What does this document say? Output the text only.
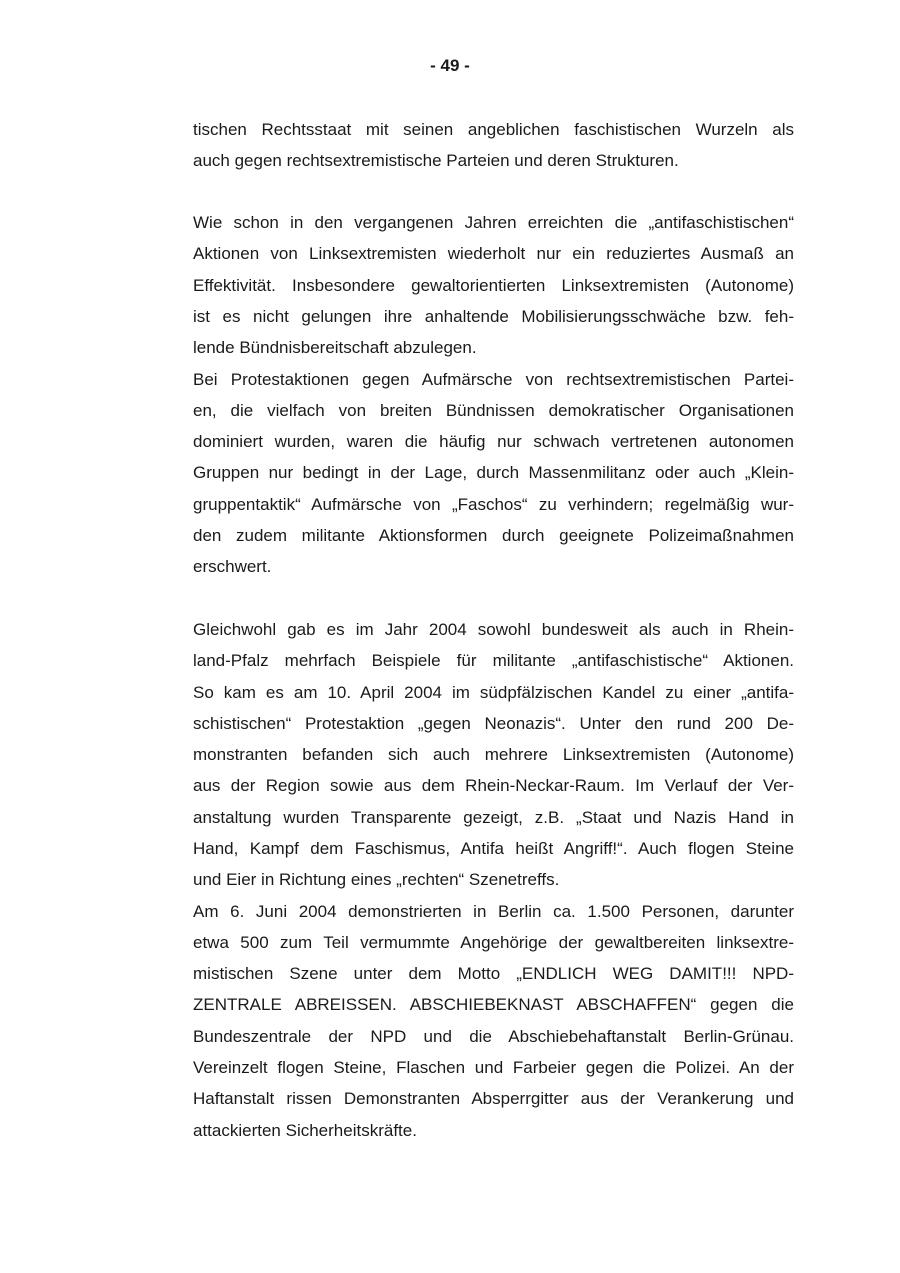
- 49 -
tischen Rechtsstaat mit seinen angeblichen faschistischen Wurzeln als
auch gegen rechtsextremistische Parteien und deren Strukturen.
Wie schon in den vergangenen Jahren erreichten die „antifaschistischen“
Aktionen von Linksextremisten wiederholt nur ein reduziertes Ausmaß an
Effektivität. Insbesondere gewaltorientierten Linksextremisten (Autonome)
ist es nicht gelungen ihre anhaltende Mobilisierungsschwäche bzw. feh-
lende Bündnisbereitschaft abzulegen.
Bei Protestaktionen gegen Aufmärsche von rechtsextremistischen Partei-
en, die vielfach von breiten Bündnissen demokratischer Organisationen
dominiert wurden, waren die häufig nur schwach vertretenen autonomen
Gruppen nur bedingt in der Lage, durch Massenmilitanz oder auch „Klein-
gruppentaktik“ Aufmärsche von „Faschos“ zu verhindern; regelmäßig wur-
den zudem militante Aktionsformen durch geeignete Polizeimaßnahmen
erschwert.
Gleichwohl gab es im Jahr 2004 sowohl bundesweit als auch in Rhein-
land-Pfalz mehrfach Beispiele für militante „antifaschistische“ Aktionen.
So kam es am 10. April 2004 im südpfälzischen Kandel zu einer „antifa-
schistischen“ Protestaktion „gegen Neonazis“. Unter den rund 200 De-
monstranten befanden sich auch mehrere Linksextremisten (Autonome)
aus der Region sowie aus dem Rhein-Neckar-Raum. Im Verlauf der Ver-
anstaltung wurden Transparente gezeigt, z.B. „Staat und Nazis Hand in
Hand, Kampf dem Faschismus, Antifa heißt Angriff!“. Auch flogen Steine
und Eier in Richtung eines „rechten“ Szenetreffs.
Am 6. Juni 2004 demonstrierten in Berlin ca. 1.500 Personen, darunter
etwa 500 zum Teil vermummte Angehörige der gewaltbereiten linksextre-
mistischen Szene unter dem Motto „ENDLICH WEG DAMIT!!! NPD-
ZENTRALE ABREISSEN. ABSCHIEBEKNAST ABSCHAFFEN“ gegen die
Bundeszentrale der NPD und die Abschiebehaftanstalt Berlin-Grünau.
Vereinzelt flogen Steine, Flaschen und Farbeier gegen die Polizei. An der
Haftanstalt rissen Demonstranten Absperrgitter aus der Verankerung und
attackierten Sicherheitskräfte.
